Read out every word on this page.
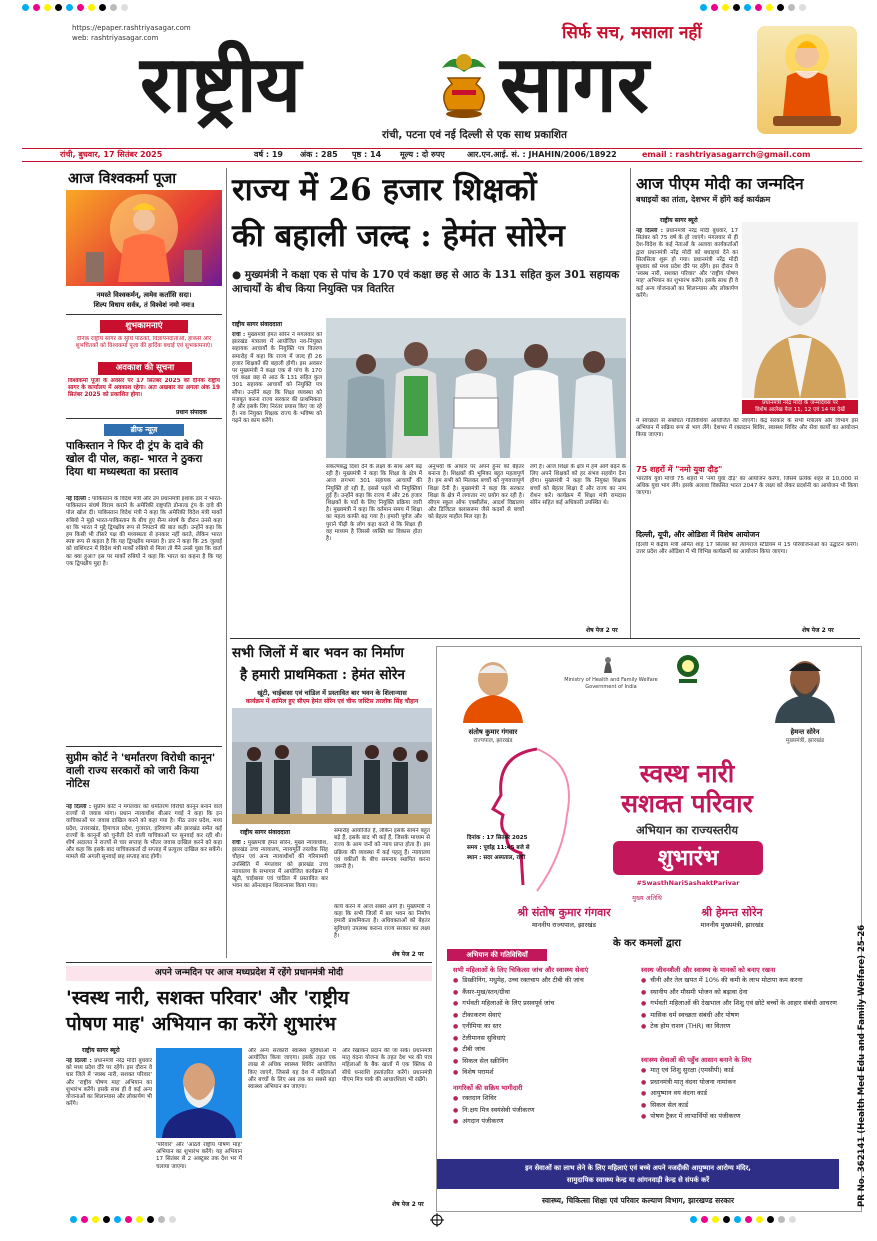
https://epaper.rashtriyasagar.com
web: rashtriyasagar.com	सिर्फ सच, मसाला नहीं
राष्ट्रीय	सागर
रांची, पटना एवं नई दिल्ली से एक साथ प्रकाशित
रांची, बुधवार, 17 सितंबर 2025	वर्ष : 19 अंक : 285 पृष्ठ : 14 मूल्य : दो रुपए	आर.एन.आई. सं. : JHAHIN/2006/18922	email : rashtriyasagarrch@gmail.com
आज विश्वकर्मा पूजा
नमस्ते विश्वकर्मन्, त्वमेव कर्तासि सदा।
शिल्प विधाय सर्वत्र, तं विश्वेशं नमो नमः॥
शुभकामनाएं
दैनिक राष्ट्रीय सागर के सुधि पाठकों, विज्ञापनदाताओं, हॉकर्स और शुभचिंतकों को विश्वकर्मा पूजा की हार्दिक बधाई एवं शुभकामनाएं।
अवकाश की सूचना
विश्वकर्मा पूजा के अवसर पर 17 सितंबर 2025 को दैनिक राष्ट्रीय सागर के कार्यालय में अवकाश रहेगा। अतः अखबार का अगला अंक 19 सितंबर 2025 को प्रकाशित होगा।
प्रधान संपादक
ब्रीफ न्यूज़
पाकिस्तान ने फिर दी ट्रंप के दावे की खोल दी पोल, कहा- भारत ने ठुकरा दिया था मध्यस्थता का प्रस्ताव
नई दिल्ली : पाकिस्तान के विदेश मंत्री और उप प्रधानमंत्री इशाक डार ने भारत-पाकिस्तान संघर्ष विराम कराने के अमेरिकी राष्ट्रपति डोनाल्ड ट्रंप के दावे की पोल खोल दी। पाकिस्तान विदेश मंत्री ने कहा कि अमेरिकी विदेश मंत्री मार्को रुबियो ने मुझे भारत-पाकिस्तान के बीच हुए सैन्य संघर्ष के दौरान उनसे कहा था कि भारत ने मुद्दे द्विपक्षीय रूप से निपटाने की बात कही। उन्होंने कहा कि हम किसी भी तीसरे पक्ष की मध्यस्थता से इनकार नहीं करते, लेकिन भारत स्पष्ट रूप से कहता है कि यह द्विपक्षीय मामला है। डार ने कहा कि 25 जुलाई को वाशिंगटन में विदेश मंत्री मार्को रुबियो से मिला तो मैंने उनसे पूछा कि वार्ता का क्या हुआ? इस पर मार्को रुबियो ने कहा कि भारत का कहना है कि यह एक द्विपक्षीय मुद्दा है।
सुप्रीम कोर्ट ने 'धर्मांतरण विरोधी कानून' वाली राज्य सरकारों को जारी किया नोटिस
नई दिल्ली : सुप्रीम कोर्ट ने मंगलवार को धर्मांतरण विरोधी कानून बनाने वाले राज्यों से जवाब मांगा। प्रधान न्यायाधीश बीआर गवई ने कहा कि इन याचिकाओं पर जवाब दाखिल करने को कहा गया है। पीठ उत्तर प्रदेश, मध्य प्रदेश, उत्तराखंड, हिमाचल प्रदेश, गुजरात, हरियाणा और झारखंड समेत कई राज्यों के कानूनों को चुनौती देने वाली याचिकाओं पर सुनवाई कर रही थी। शीर्ष अदालत ने राज्यों से चार सप्ताह के भीतर जवाब दाखिल करने को कहा और कहा कि इसके बाद याचिकाकर्ता दो सप्ताह में प्रत्युत्तर दाखिल कर सकेंगे। मामले की अगली सुनवाई छह सप्ताह बाद होगी।
राज्य में 26 हजार शिक्षकों
की बहाली जल्द : हेमंत सोरेन
● मुख्यमंत्री ने कक्षा एक से पांच के 170 एवं कक्षा छह से आठ के 131 सहित कुल 301 सहायक आचार्यों के बीच किया नियुक्ति पत्र वितरित
राष्ट्रीय सागर संवाददाता
रांची : मुख्यमंत्री हेमंत सोरेन ने मंगलवार को झारखंड मंत्रालय में आयोजित नव-नियुक्त सहायक आचार्यों के नियुक्ति पत्र वितरण समारोह में कहा कि राज्य में जल्द ही 26 हजार शिक्षकों की बहाली होगी। इस अवसर पर मुख्यमंत्री ने कक्षा एक से पांच के 170 एवं कक्षा छह से आठ के 131 सहित कुल 301 सहायक आचार्यों को नियुक्ति पत्र सौंपा। उन्होंने कहा कि शिक्षा व्यवस्था को मजबूत करना राज्य सरकार की प्राथमिकता है और इसके लिए निरंतर प्रयास किए जा रहे हैं। नव नियुक्त शिक्षक राज्य के भविष्य को गढ़ने का काम करेंगे।
संकल्पबद्ध दिशा देने के लक्ष्य के साथ आगे बढ़ रही है। मुख्यमंत्री ने कहा कि शिक्षा के क्षेत्र में आज लगभग 301 सहायक आचार्यों की नियुक्ति हो रही है, इससे पहले भी नियुक्तियां हुई हैं। उन्होंने कहा कि राज्य में और 26 हजार शिक्षकों के पदों के लिए नियुक्ति प्रक्रिया जारी है। मुख्यमंत्री ने कहा कि वर्तमान समय में शिक्षा का महत्व काफी बढ़ गया है। हमारी पूर्वज और पुराने पीढ़ी के लोग कहा करते थे कि शिक्षा ही वह माध्यम है जिससे व्यक्ति का विकास होता है।
अनुभवों के आधार पर अपने हुनर को बेहतर बनाना है। शिक्षकों की भूमिका बहुत महत्वपूर्ण है। हम सभी को मिलकर बच्चों को गुणवत्तापूर्ण शिक्षा देनी है। मुख्यमंत्री ने कहा कि सरकार शिक्षा के क्षेत्र में लगातार नए प्रयोग कर रही है। सीएम स्कूल ऑफ एक्सीलेंस, आदर्श विद्यालय और डिजिटल क्लासरूम जैसे कदमों से बच्चों को बेहतर माहौल मिल रहा है।
लगे हैं। आज शिक्षा के क्षेत्र में हमें आगे बढ़ने के लिए अपने शिक्षकों को हर संभव सहयोग देना होगा। मुख्यमंत्री ने कहा कि नियुक्त शिक्षक बच्चों को बेहतर शिक्षा दें और राज्य का नाम रोशन करें। कार्यक्रम में शिक्षा मंत्री रामदास सोरेन सहित कई अधिकारी उपस्थित थे।
शेष पेज 2 पर
आज पीएम मोदी का जन्मदिन
बधाइयों का तांता, देशभर में होंगे कई कार्यक्रम
राष्ट्रीय सागर ब्यूरो
नई दिल्ली : प्रधानमंत्री नरेंद्र मोदी बुधवार, 17 सितंबर को 75 वर्ष के हो जाएंगे। मंगलवार से ही देश-विदेश के कई नेताओं के अलावा कार्यकर्ताओं द्वारा प्रधानमंत्री नरेंद्र मोदी को बधाइयां देने का सिलसिला शुरू हो गया। प्रधानमंत्री नरेंद्र मोदी बुधवार को मध्य प्रदेश दौरे पर रहेंगे। इस दौरान वे 'स्वस्थ नारी, सशक्त परिवार' और 'राष्ट्रीय पोषण माह' अभियान का शुभारंभ करेंगे। इसके साथ ही वे कई अन्य योजनाओं का शिलान्यास और लोकार्पण करेंगे।
प्रधानमंत्री नरेंद्र मोदी के जन्मदिवस पर
विशेष आलेख पेज 11, 12 एवं 14 पर देखें
में स्वच्छता से संबंधित गतिविधियां आयोजित की जाएंगी। केंद्र सरकार के सभी मंत्रालय और विभाग इस अभियान में सक्रिय रूप से भाग लेंगे। देशभर में रक्तदान शिविर, स्वास्थ्य शिविर और सेवा कार्यों का आयोजन किया जाएगा।
75 शहरों में "नमो युवा दौड़"
भारतीय युवा मोर्चा 75 शहरों में 'नमो युवा दौड़' का आयोजन करेगा, जिसमें प्रत्येक शहर से 10,000 से अधिक युवा भाग लेंगे। इसके अलावा विकसित भारत 2047 के लक्ष्य को लेकर प्रदर्शनी का आयोजन भी किया जाएगा।
दिल्ली, यूपी, और ओडिशा में विशेष आयोजन
दिल्ली में केंद्रीय मंत्री अमित शाह 17 सितंबर को त्यागराज स्टेडियम में 15 परियोजनाओं का उद्घाटन करेंगे। उत्तर प्रदेश और ओडिशा में भी विभिन्न कार्यक्रमों का आयोजन किया जाएगा।
शेष पेज 2 पर
सभी जिलों में बार भवन का निर्माण
है हमारी प्राथमिकता : हेमंत सोरेन
खूंटी, चाईबासा एवं चांडिल में प्रस्तावित बार भवन के शिलान्यास
कार्यक्रम में शामिल हुए सीएम हेमंत सोरेन एवं चीफ जस्टिस तरलोक सिंह चौहान
राष्ट्रीय सागर संवाददाता
रांची : मुख्यमंत्री हेमंत सोरेन, मुख्य न्यायाधीश, झारखंड उच्च न्यायालय, न्यायमूर्ति तरलोक सिंह चौहान एवं अन्य न्यायाधीशों की गरिमामयी उपस्थिति में मंगलवार को झारखंड उच्च न्यायालय के सभागार में आयोजित कार्यक्रम में खूंटी, चाईबासा एवं चांडिल में प्रस्तावित बार भवन का ऑनलाइन शिलान्यास किया गया।
समारोह आयोजित है, लेकिन इसके सामने बहुत बड़े हैं, इसके बाद भी कई हैं, जिसके माध्यम से राज्य के आम जनों को न्याय प्राप्त होता है। इस प्रक्रिया की व्यवस्था में कई पहलू हैं। न्यायालय एवं वकीलों के बीच समन्वय स्थापित करना जरूरी है।
कार्य करने में आज सबसे आगे हैं। मुख्यमंत्री ने कहा कि सभी जिलों में बार भवन का निर्माण हमारी प्राथमिकता है। अधिवक्ताओं को बेहतर सुविधाएं उपलब्ध कराना राज्य सरकार का लक्ष्य है।
शेष पेज 2 पर
Ministry of Health and Family Welfare
Government of India
संतोष कुमार गंगवार
राज्यपाल, झारखंड
हेमन्त सोरेन
मुख्यमंत्री, झारखंड
स्वस्थ नारी
सशक्त परिवार
अभियान का राज्यस्तरीय
शुभारंभ
#SwasthNariSashaktParivar
दिनांक : 17 सितंबर 2025
समय : पूर्वाह्न 11:45 बजे से
स्थान : सदर अस्पताल, रांची
मुख्य अतिथि
श्री संतोष कुमार गंगवार
माननीय राज्यपाल, झारखंड
श्री हेमन्त सोरेन
माननीय मुख्यमंत्री, झारखंड
के कर कमलों द्वारा
अभियान की गतिविधियाँ
सभी महिलाओं के लिए चिकित्सा जांच और स्वास्थ्य सेवाएं
● डिस्क्रीनिंग, मधुमेह, उच्च रक्तचाप और टीबी की जांच
● कैंसर-मुख/स्तन/ग्रीवा
● गर्भवती महिलाओं के लिए प्रसवपूर्व जांच
● टीकाकरण सेवाएं
● एनीमिया का स्तर
● टेलीमानस सुविधाएं
● टीबी जांच
● सिकल सेल स्क्रीनिंग
● विशेष परामर्श
नागरिकों की सक्रिय भागीदारी
● रक्तदान शिविर
● नि:क्षय मित्र स्वयंसेवी पंजीकरण
● अंगदान पंजीकरण
स्वस्थ जीवनशैली और स्वास्थ्य के मानकों को बनाए रखना
● चीनी और तेल खपत में 10% की कमी के लाभ मोटापा कम करना
● स्थानीय और मौसमी भोजन को बढ़ावा देना
● गर्भवती महिलाओं की देखभाल और शिशु एवं छोटे बच्चों के आहार संबंधी आचरण
● मासिक धर्म स्वच्छता संबंधी और पोषण
● टेक होम राशन (THR) का वितरण
स्वास्थ्य सेवाओं की पहुँच आसान बनाने के लिए
● मातृ एवं शिशु सुरक्षा (एमसीपी) कार्ड
● प्रधानमंत्री मातृ वंदना योजना नामांकन
● आयुष्मान वय वंदना कार्ड
● सिकल सेल कार्ड
● पोषण ट्रैकर में लाभार्थियों का पंजीकरण
इन सेवाओं का लाभ लेने के लिए महिलाएं एवं बच्चे अपने नजदीकी आयुष्मान आरोग्य मंदिर,
सामुदायिक स्वास्थ्य केन्द्र या आंगनवाड़ी केन्द्र से संपर्क करें
स्वास्थ्य, चिकित्सा शिक्षा एवं परिवार कल्याण विभाग, झारखण्ड सरकार	PR No. 362141 (Health Med Edu and Family Welfare) 25-26
अपने जन्मदिन पर आज मध्यप्रदेश में रहेंगे प्रधानमंत्री मोदी
'स्वस्थ नारी, सशक्त परिवार' और 'राष्ट्रीय
पोषण माह' अभियान का करेंगे शुभारंभ
राष्ट्रीय सागर ब्यूरो
नई दिल्ली : प्रधानमंत्री नरेंद्र मोदी बुधवार को मध्य प्रदेश दौरे पर रहेंगे। इस दौरान वे धार जिले में 'स्वस्थ नारी, सशक्त परिवार' और 'राष्ट्रीय पोषण माह' अभियान का शुभारंभ करेंगे। इसके साथ ही वे कई अन्य योजनाओं का शिलान्यास और लोकार्पण भी करेंगे।
'परिवार' और 'आठवें राष्ट्रीय पोषण माह' अभियान का शुभारंभ करेंगे। यह अभियान 17 सितंबर से 2 अक्टूबर तक देश भर में चलाया जाएगा।
और अन्य सरकारी स्वास्थ्य सुविधाओं में आयोजित किया जाएगा। इसके तहत एक लाख से अधिक स्वास्थ्य शिविर आयोजित किए जाएंगे, जिससे यह देश में महिलाओं और बच्चों के लिए अब तक का सबसे बड़ा स्वास्थ्य अभियान बन जाएगा।
और रेखांकन प्रदान की जा सके। प्रधानमंत्री मातृ वंदना योजना के तहत देश भर की पात्र महिलाओं के बैंक खातों में एक क्लिक से सीधे धनराशि हस्तांतरित करेंगे। प्रधानमंत्री पीएम मित्र पार्क की आधारशिला भी रखेंगे।
शेष पेज 2 पर
